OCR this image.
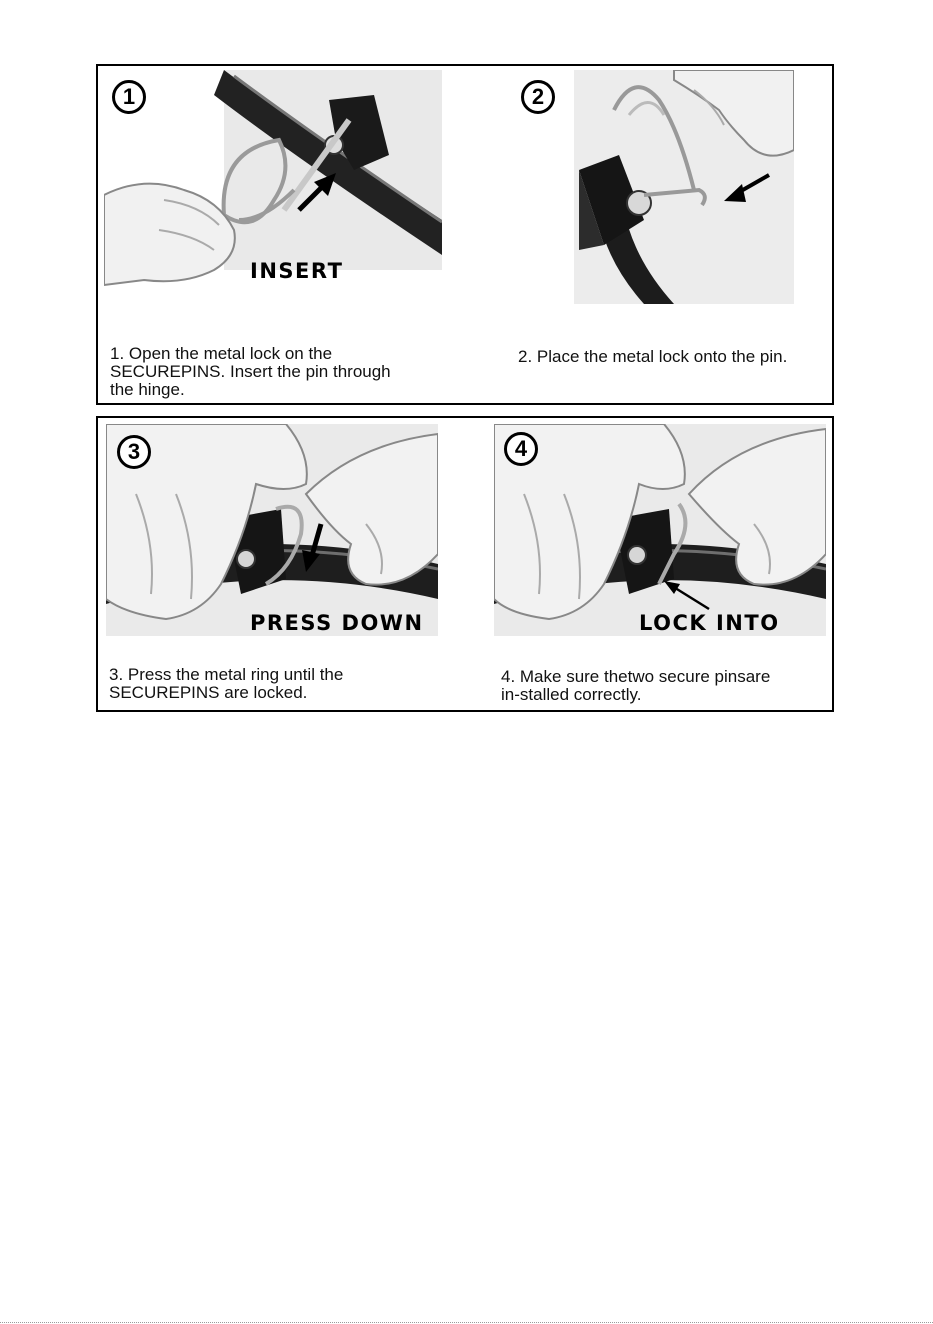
1
INSERT
2
1. Open the metal lock on the
SECUREPINS. Insert the pin through
the hinge.
2. Place the metal lock onto the pin.
3
PRESS DOWN
4
LOCK INTO
3. Press the metal ring until the
SECUREPINS are locked.
4. Make sure thetwo secure pinsare
in-stalled correctly.
